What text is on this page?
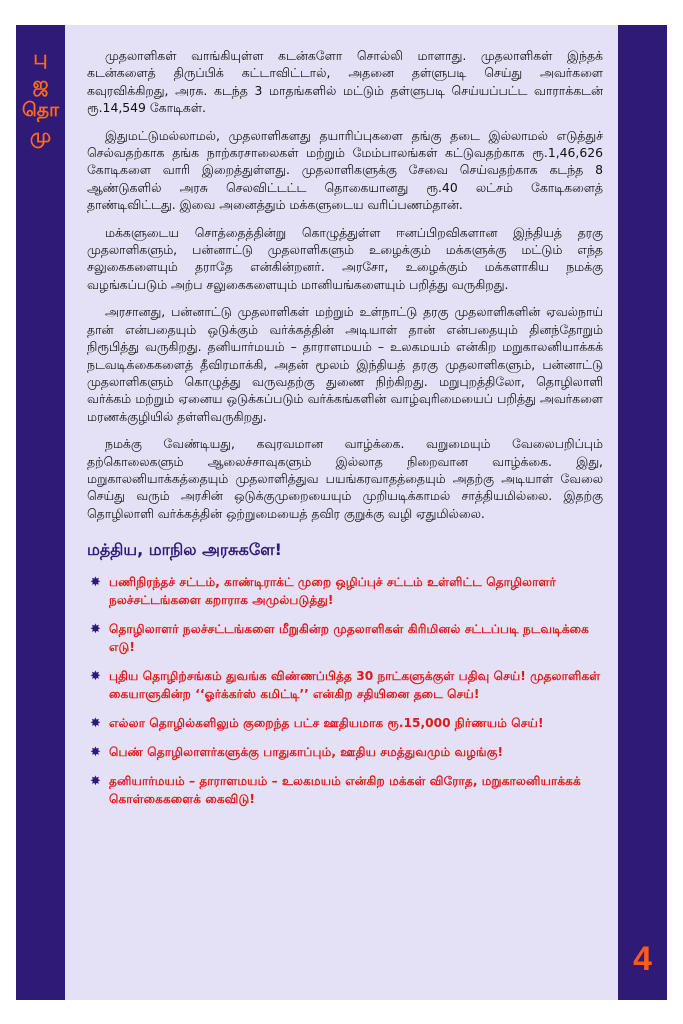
பு
ஜ
தொ
மு

முதலாளிகள் வாங்கியுள்ள கடன்களோ சொல்லி மாளாது. முதலாளிகள் இந்தக் கடன்களைத் திருப்பிக் கட்டாவிட்டால், அதனை தள்ளுபடி செய்து அவர்களை கவுரவிக்கிறது, அரசு. கடந்த 3 மாதங்களில் மட்டும் தள்ளுபடி செய்யப்பட்ட வாராக்கடன் ரூ.14,549 கோடிகள்.

இதுமட்டுமல்லாமல், முதலாளிகளது தயாரிப்புகளை தங்கு தடை இல்லாமல் எடுத்துச் செல்வதற்காக தங்க நாற்கரசாலைகள் மற்றும் மேம்பாலங்கள் கட்டுவதற்காக ரூ.1,46,626 கோடிகளை வாரி இறைத்துள்ளது. முதலாளிகளுக்கு சேவை செய்வதற்காக கடந்த 8 ஆண்டுகளில் அரசு செலவிட்டட்ட தொகையானது ரூ.40 லட்சம் கோடிகளைத் தாண்டிவிட்டது. இவை அனைத்தும் மக்களுடைய வரிப்பணம்தான்.

மக்களுடைய சொத்தைத்தின்று கொழுத்துள்ள ஈனப்பிறவிகளான இந்தியத் தரகு முதலாளிகளும், பன்னாட்டு முதலாளிகளும் உழைக்கும் மக்களுக்கு மட்டும் எந்த சலுகைகளையும் தராதே என்கின்றனர். அரசோ, உழைக்கும் மக்களாகிய நமக்கு வழங்கப்படும் அற்ப சலுகைகளையும் மானியங்களையும் பறித்து வருகிறது.

அரசானது, பன்னாட்டு முதலாளிகள் மற்றும் உள்நாட்டு தரகு முதலாளிகளின் ஏவல்நாய் தான் என்பதையும் ஒடுக்கும் வர்க்கத்தின் அடியாள் தான் என்பதையும் தினந்தோறும் நிரூபித்து வருகிறது. தனியார்மயம் – தாராளமயம் – உலகமயம் என்கிற மறுகாலனியாக்கக் நடவடிக்கைகளைத் தீவிரமாக்கி, அதன் மூலம் இந்தியத் தரகு முதலாளிகளும், பன்னாட்டு முதலாளிகளும் கொழுத்து வருவதற்கு துணை நிற்கிறது. மறுபுறத்திலோ, தொழிலாளி வர்க்கம் மற்றும் ஏனைய ஒடுக்கப்படும் வர்க்கங்களின் வாழ்வுரிமையைப் பறித்து அவர்களை மரணக்குழியில் தள்ளிவருகிறது.

நமக்கு வேண்டியது, கவுரவமான வாழ்க்கை. வறுமையும் வேலைபறிப்பும் தற்கொலைகளும் ஆலைச்சாவுகளும் இல்லாத நிறைவான வாழ்க்கை. இது, மறுகாலனியாக்கத்தையும் முதலாளித்துவ பயங்கரவாதத்தையும் அதற்கு அடியாள் வேலை செய்து வரும் அரசின் ஒடுக்குமுறையையும் முறியடிக்காமல் சாத்தியமில்லை. இதற்கு தொழிலாளி வர்க்கத்தின் ஒற்றுமையைத் தவிர குறுக்கு வழி ஏதுமில்லை.

மத்திய, மாநில அரசுகளே!
✸ பணிநிரந்தச் சட்டம், காண்டிராக்ட் முறை ஒழிப்புச் சட்டம் உள்ளிட்ட தொழிலாளர் நலச்சட்டங்களை கறாராக அமுல்படுத்து!
✸ தொழிலாளர் நலச்சட்டங்களை மீறுகின்ற முதலாளிகள் கிரிமினல் சட்டப்படி நடவடிக்கை எடு!
✸ புதிய தொழிற்சங்கம் துவங்க விண்ணப்பித்த 30 நாட்களுக்குள் பதிவு செய்! முதலாளிகள் கையாளுகின்ற ‘‘ஓர்க்கர்ஸ் கமிட்டி’’ என்கிற சதியினை தடை செய்!
✸ எல்லா தொழில்களிலும் குறைந்த பட்ச ஊதியமாக ரூ.15,000 நிர்ணயம் செய்!
✸ பெண் தொழிலாளர்களுக்கு பாதுகாப்பும், ஊதிய சமத்துவமும் வழங்கு!
✸ தனியார்மயம் – தாராளமயம் – உலகமயம் என்கிற மக்கள் விரோத, மறுகாலனியாக்கக் கொள்கைகளைக் கைவிடு!
4
